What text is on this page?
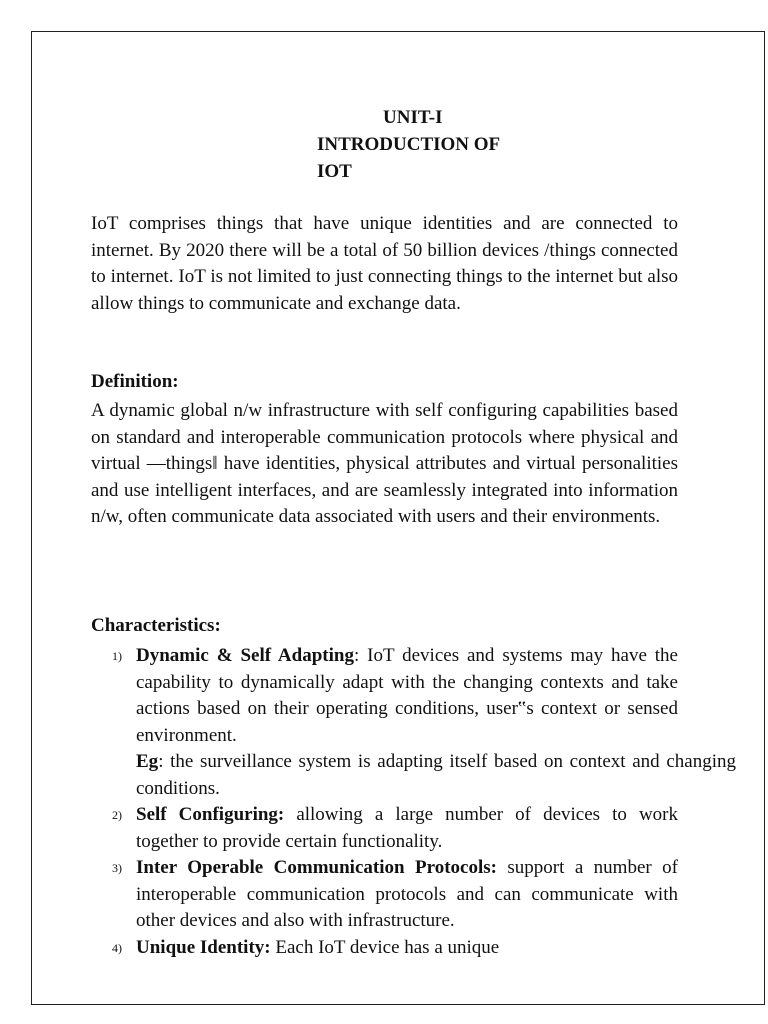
UNIT-I
INTRODUCTION OF
IOT

IoT comprises things that have unique identities and are connected to internet. By 2020 there will be a total of 50 billion devices /things connected to internet. IoT is not limited to just connecting things to the internet but also allow things to communicate and exchange data.

Definition:

A dynamic global n/w infrastructure with self configuring capabilities based on standard and interoperable communication protocols where physical and virtual ―things‖ have identities, physical attributes and virtual personalities and use intelligent interfaces, and are seamlessly integrated into information n/w, often communicate data associated with users and their environments.

Characteristics:
1) Dynamic & Self Adapting: IoT devices and systems may have the capability to dynamically adapt with the changing contexts and take actions based on their operating conditions, user‟s context or sensed environment.
Eg: the surveillance system is adapting itself based on context and changing conditions.
2) Self Configuring: allowing a large number of devices to work together to provide certain functionality.
3) Inter Operable Communication Protocols: support a number of interoperable communication protocols and can communicate with other devices and also with infrastructure.
4) Unique Identity: Each IoT device has a unique
